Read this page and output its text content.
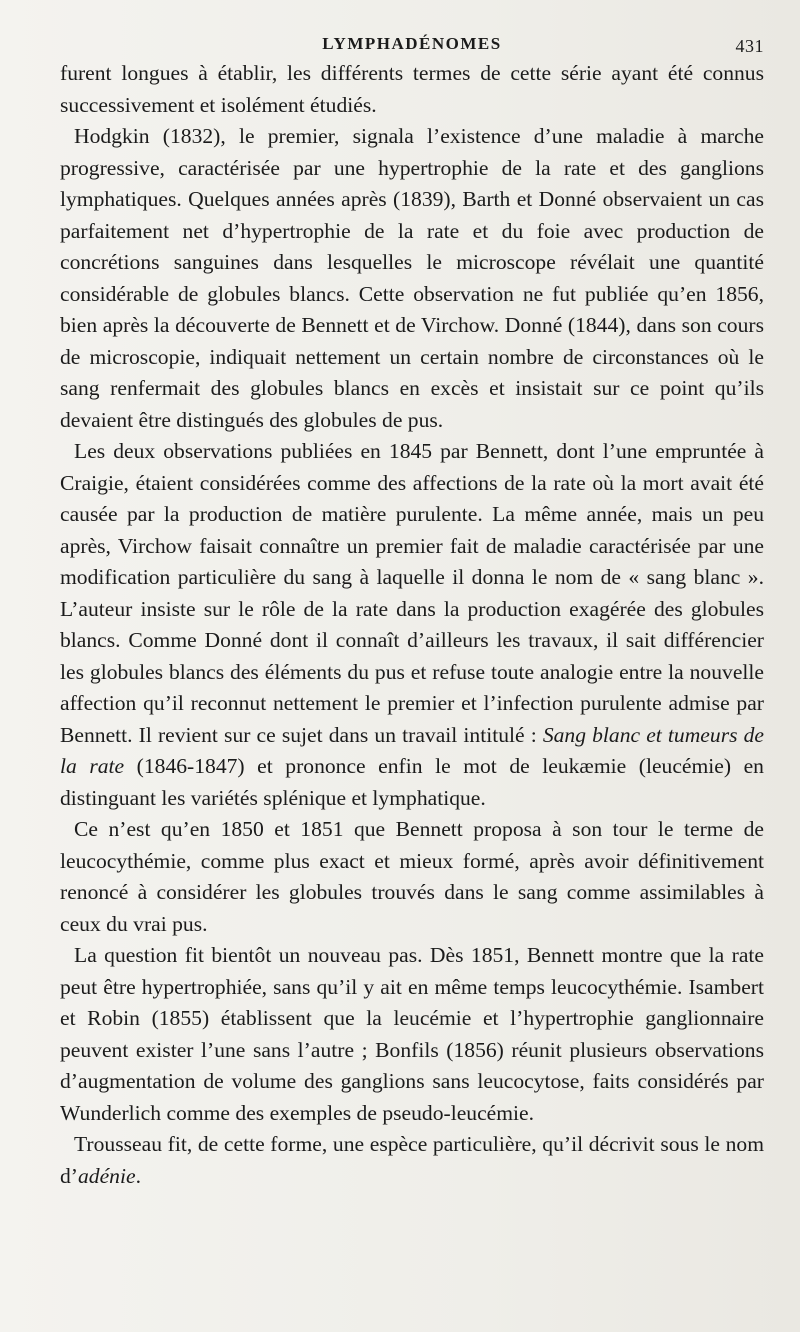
LYMPHADÉNOMES	431

furent longues à établir, les différents termes de cette série ayant été connus successivement et isolément étudiés.

Hodgkin (1832), le premier, signala l’existence d’une maladie à marche progressive, caractérisée par une hypertrophie de la rate et des ganglions lymphatiques. Quelques années après (1839), Barth et Donné observaient un cas parfaitement net d’hypertrophie de la rate et du foie avec production de concrétions sanguines dans lesquelles le microscope révélait une quantité considérable de globules blancs. Cette observation ne fut publiée qu’en 1856, bien après la découverte de Bennett et de Virchow. Donné (1844), dans son cours de microscopie, indiquait nettement un certain nombre de circonstances où le sang renfermait des globules blancs en excès et insistait sur ce point qu’ils devaient être distingués des globules de pus.

Les deux observations publiées en 1845 par Bennett, dont l’une empruntée à Craigie, étaient considérées comme des affections de la rate où la mort avait été causée par la production de matière purulente. La même année, mais un peu après, Virchow faisait connaître un premier fait de maladie caractérisée par une modification particulière du sang à laquelle il donna le nom de « sang blanc ». L’auteur insiste sur le rôle de la rate dans la production exagérée des globules blancs. Comme Donné dont il connaît d’ailleurs les travaux, il sait différencier les globules blancs des éléments du pus et refuse toute analogie entre la nouvelle affection qu’il reconnut nettement le premier et l’infection purulente admise par Bennett. Il revient sur ce sujet dans un travail intitulé : Sang blanc et tumeurs de la rate (1846-1847) et prononce enfin le mot de leukæmie (leucémie) en distinguant les variétés splénique et lymphatique.

Ce n’est qu’en 1850 et 1851 que Bennett proposa à son tour le terme de leucocythémie, comme plus exact et mieux formé, après avoir définitivement renoncé à considérer les globules trouvés dans le sang comme assimilables à ceux du vrai pus.

La question fit bientôt un nouveau pas. Dès 1851, Bennett montre que la rate peut être hypertrophiée, sans qu’il y ait en même temps leucocythémie. Isambert et Robin (1855) établissent que la leucémie et l’hypertrophie ganglionnaire peuvent exister l’une sans l’autre ; Bonfils (1856) réunit plusieurs observations d’augmentation de volume des ganglions sans leucocytose, faits considérés par Wunderlich comme des exemples de pseudo-leucémie.

Trousseau fit, de cette forme, une espèce particulière, qu’il décrivit sous le nom d’adénie.
